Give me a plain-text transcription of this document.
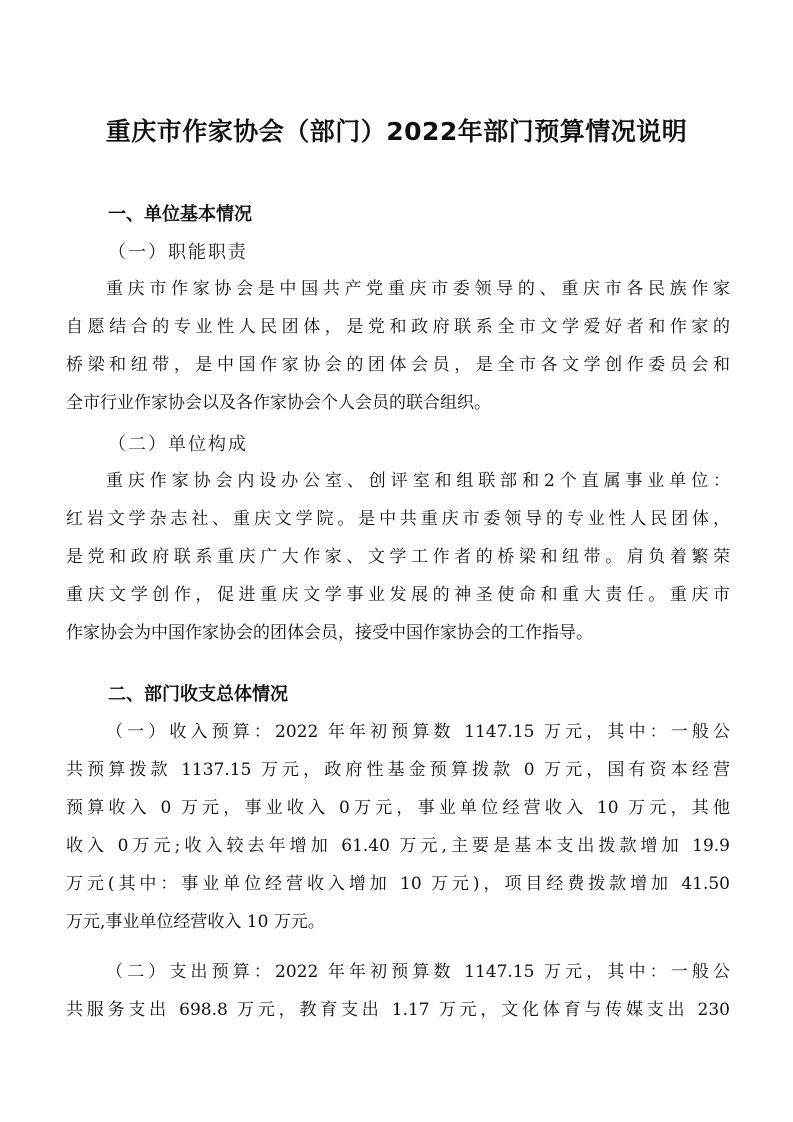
重庆市作家协会（部门）2022年部门预算情况说明
一、单位基本情况
（一）职能职责
重庆市作家协会是中国共产党重庆市委领导的、重庆市各民族作家
自愿结合的专业性人民团体，是党和政府联系全市文学爱好者和作家的
桥梁和纽带，是中国作家协会的团体会员，是全市各文学创作委员会和
全市行业作家协会以及各作家协会个人会员的联合组织。
（二）单位构成
重庆作家协会内设办公室、创评室和组联部和2个直属事业单位：
红岩文学杂志社、重庆文学院。是中共重庆市委领导的专业性人民团体，
是党和政府联系重庆广大作家、文学工作者的桥梁和纽带。肩负着繁荣
重庆文学创作，促进重庆文学事业发展的神圣使命和重大责任。重庆市
作家协会为中国作家协会的团体会员，接受中国作家协会的工作指导。
二、部门收支总体情况
（一）收入预算：2022 年年初预算数 1147.15 万元，其中：一般公
共预算拨款 1137.15 万元，政府性基金预算拨款 0 万元，国有资本经营
预算收入 0 万元，事业收入 0万元，事业单位经营收入 10 万元，其他
收入 0万元;收入较去年增加 61.40 万元,主要是基本支出拨款增加 19.9
万元(其中：事业单位经营收入增加 10 万元)，项目经费拨款增加 41.50
万元,事业单位经营收入 10 万元。
（二）支出预算：2022 年年初预算数 1147.15 万元，其中：一般公
共服务支出 698.8 万元，教育支出 1.17 万元，文化体育与传媒支出 230
